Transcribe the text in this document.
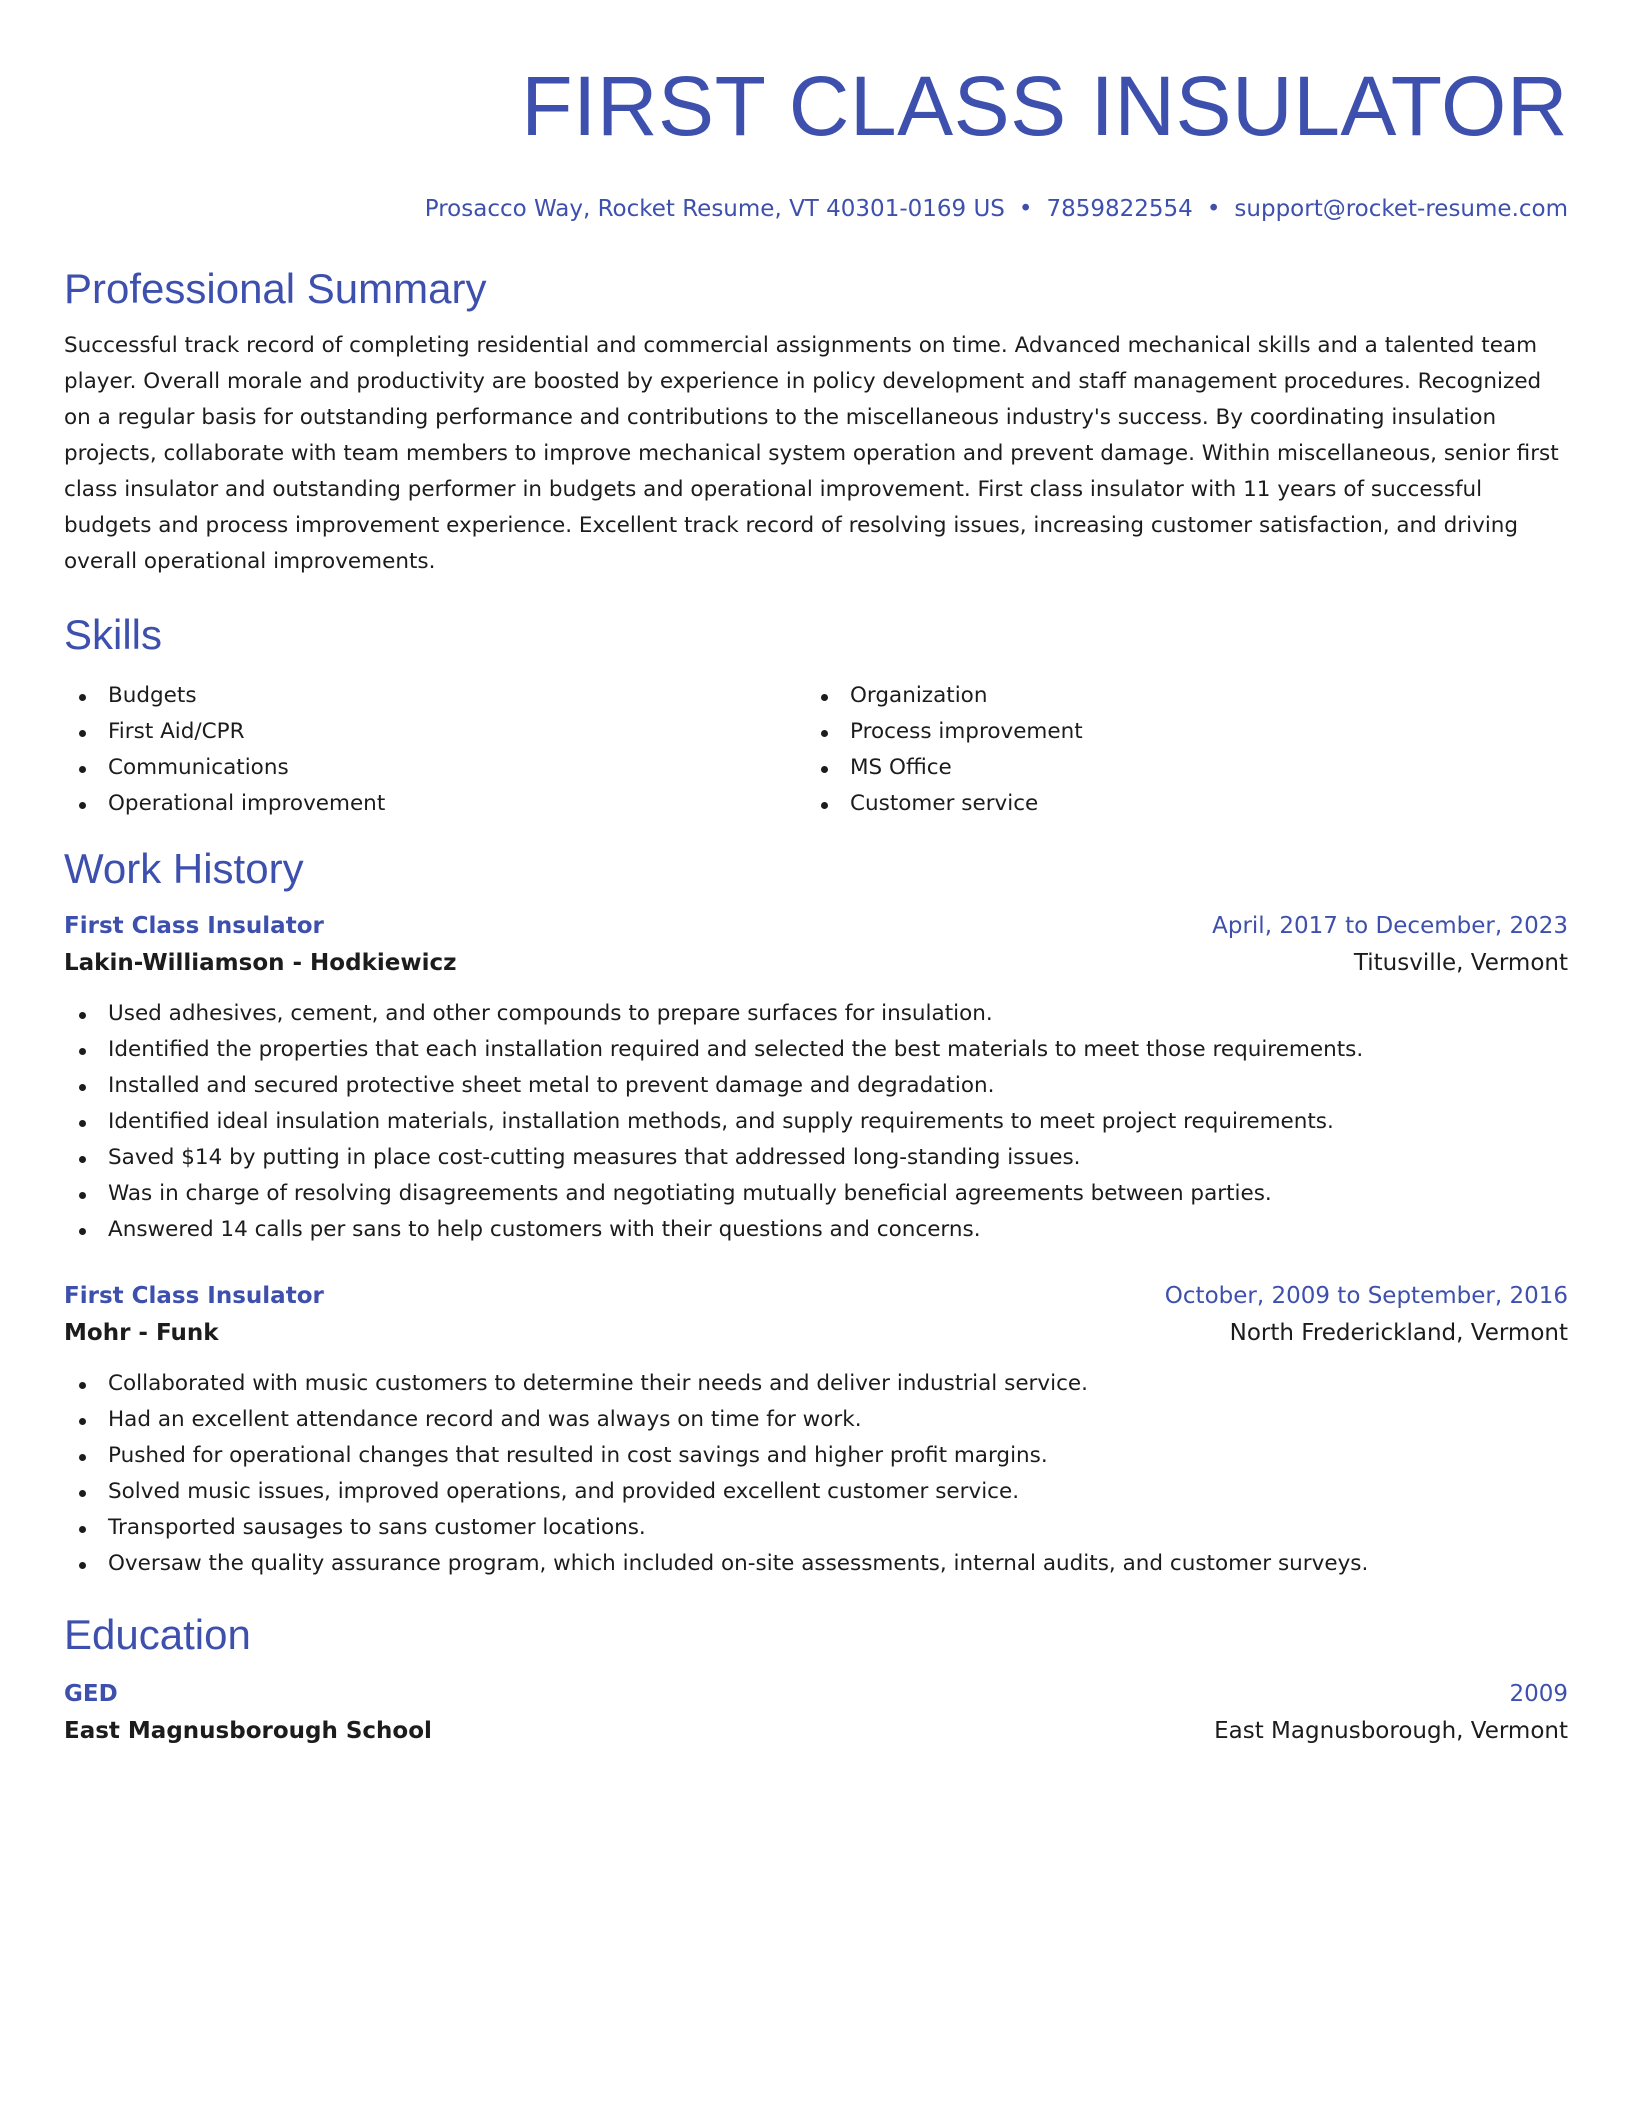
FIRST CLASS INSULATOR
Prosacco Way, Rocket Resume, VT 40301-0169 US • 7859822554 • support@rocket-resume.com
Professional Summary

Successful track record of completing residential and commercial assignments on time. Advanced mechanical skills and a talented team player. Overall morale and productivity are boosted by experience in policy development and staff management procedures. Recognized on a regular basis for outstanding performance and contributions to the miscellaneous industry's success. By coordinating insulation projects, collaborate with team members to improve mechanical system operation and prevent damage. Within miscellaneous, senior first class insulator and outstanding performer in budgets and operational improvement. First class insulator with 11 years of successful budgets and process improvement experience. Excellent track record of resolving issues, increasing customer satisfaction, and driving overall operational improvements.

Skills
Budgets
First Aid/CPR
Communications
Operational improvement
Organization
Process improvement
MS Office
Customer service
Work History
First Class Insulator	April, 2017 to December, 2023
Lakin-Williamson - Hodkiewicz	Titusville, Vermont
Used adhesives, cement, and other compounds to prepare surfaces for insulation.
Identified the properties that each installation required and selected the best materials to meet those requirements.
Installed and secured protective sheet metal to prevent damage and degradation.
Identified ideal insulation materials, installation methods, and supply requirements to meet project requirements.
Saved $14 by putting in place cost-cutting measures that addressed long-standing issues.
Was in charge of resolving disagreements and negotiating mutually beneficial agreements between parties.
Answered 14 calls per sans to help customers with their questions and concerns.
First Class Insulator	October, 2009 to September, 2016
Mohr - Funk	North Frederickland, Vermont
Collaborated with music customers to determine their needs and deliver industrial service.
Had an excellent attendance record and was always on time for work.
Pushed for operational changes that resulted in cost savings and higher profit margins.
Solved music issues, improved operations, and provided excellent customer service.
Transported sausages to sans customer locations.
Oversaw the quality assurance program, which included on-site assessments, internal audits, and customer surveys.
Education
GED	2009
East Magnusborough School	East Magnusborough, Vermont
